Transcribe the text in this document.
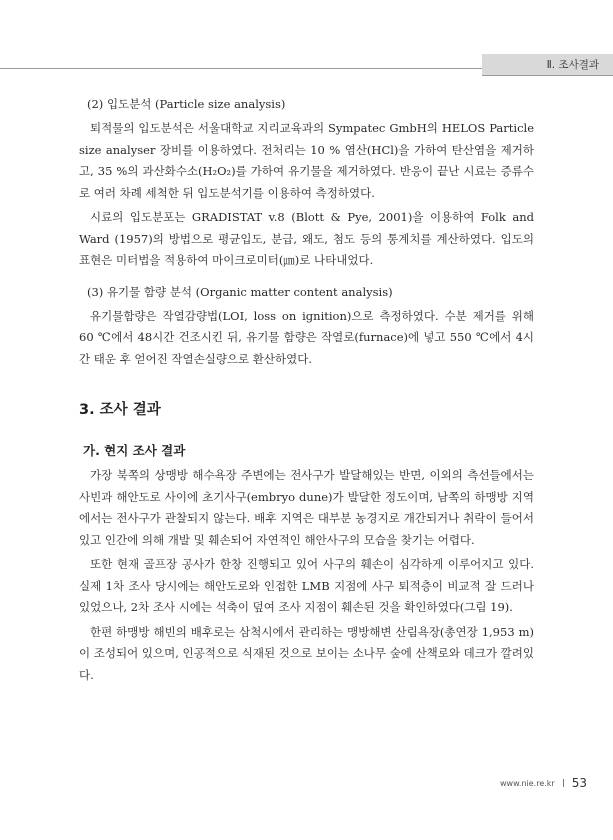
Ⅱ. 조사결과
(2) 입도분석 (Particle size analysis)

퇴적물의 입도분석은 서울대학교 지리교육과의 Sympatec GmbH의 HELOS Particle size analyser 장비를 이용하였다. 전처리는 10 % 염산(HCl)을 가하여 탄산염을 제거하고, 35 %의 과산화수소(H₂O₂)를 가하여 유기물을 제거하였다. 반응이 끝난 시료는 증류수로 여러 차례 세척한 뒤 입도분석기를 이용하여 측정하였다.

시료의 입도분포는 GRADISTAT v.8 (Blott & Pye, 2001)을 이용하여 Folk and Ward (1957)의 방법으로 평균입도, 분급, 왜도, 첨도 등의 통계치를 계산하였다. 입도의 표현은 미터법을 적용하여 마이크로미터(㎛)로 나타내었다.

(3) 유기물 함량 분석 (Organic matter content analysis)

유기물함량은 작열감량법(LOI, loss on ignition)으로 측정하였다. 수분 제거를 위해 60 ℃에서 48시간 건조시킨 뒤, 유기물 함량은 작열로(furnace)에 넣고 550 ℃에서 4시간 태운 후 얻어진 작열손실량으로 환산하였다.

3. 조사 결과
가. 현지 조사 결과

가장 북쪽의 상맹방 해수욕장 주변에는 전사구가 발달해있는 반면, 이외의 측선들에서는 사빈과 해안도로 사이에 초기사구(embryo dune)가 발달한 정도이며, 남쪽의 하맹방 지역에서는 전사구가 관찰되지 않는다. 배후 지역은 대부분 농경지로 개간되거나 취락이 들어서 있고 인간에 의해 개발 및 훼손되어 자연적인 해안사구의 모습을 찾기는 어렵다.

또한 현재 골프장 공사가 한창 진행되고 있어 사구의 훼손이 심각하게 이루어지고 있다. 실제 1차 조사 당시에는 해안도로와 인접한 LMB 지점에 사구 퇴적층이 비교적 잘 드러나 있었으나, 2차 조사 시에는 석축이 덮여 조사 지점이 훼손된 것을 확인하였다(그림 19).

한편 하맹방 해빈의 배후로는 삼척시에서 관리하는 맹방해변 산림욕장(총연장 1,953 m)이 조성되어 있으며, 인공적으로 식재된 것으로 보이는 소나무 숲에 산책로와 데크가 깔려있다.

www.nie.re.kr 53
